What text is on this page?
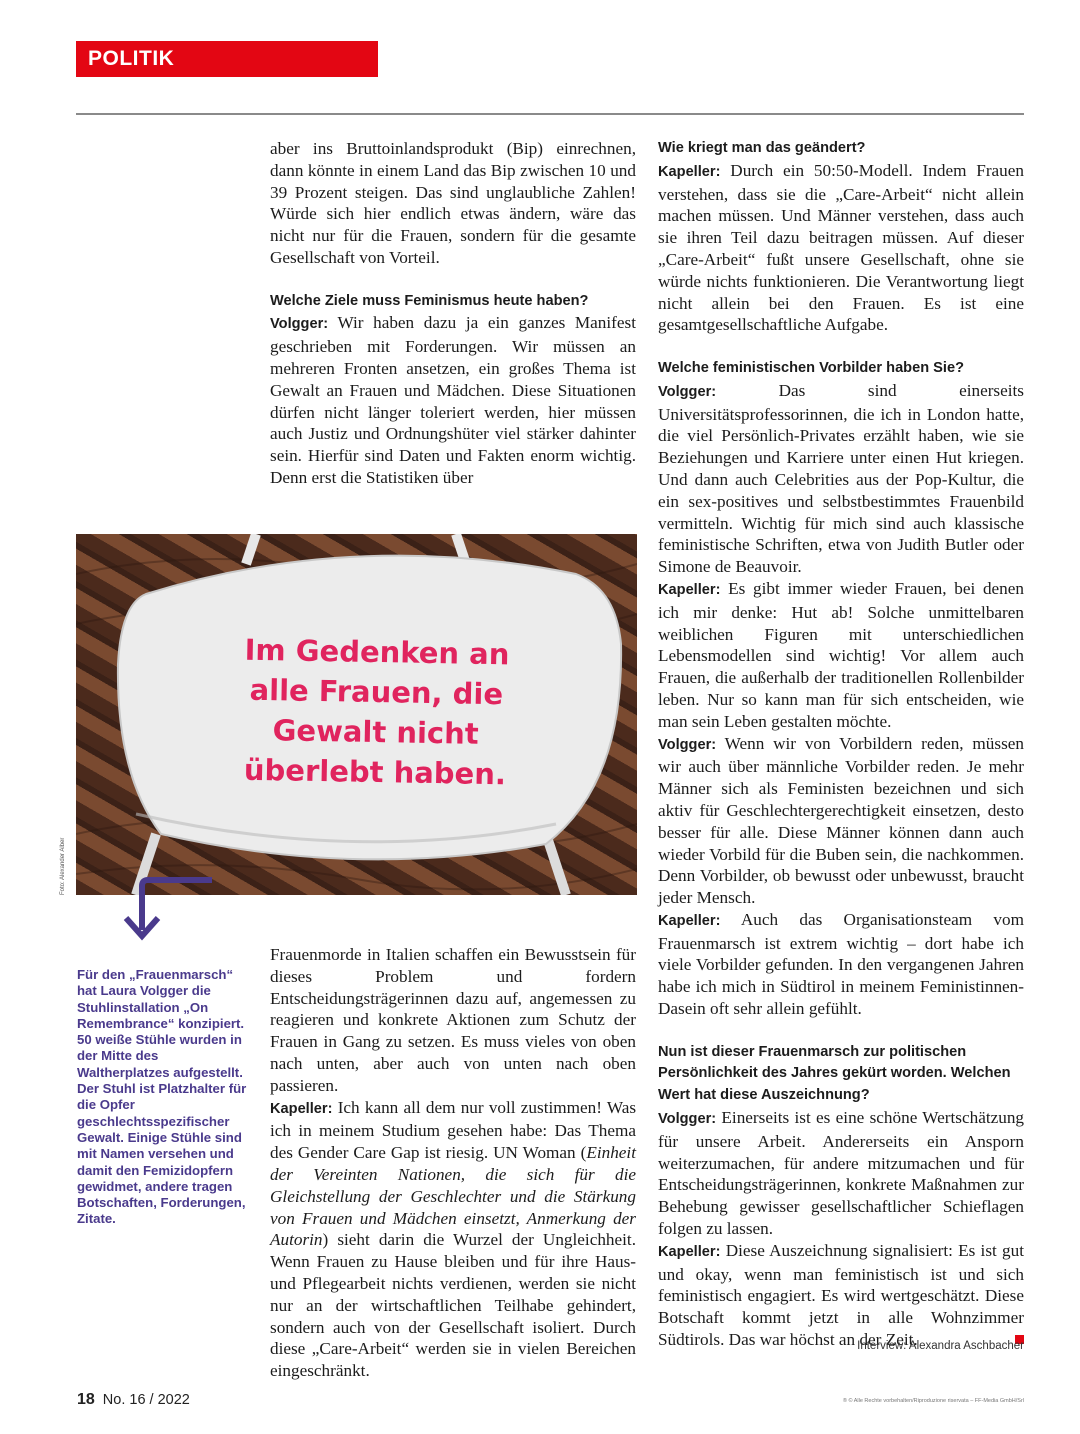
POLITIK

aber ins Bruttoinlandsprodukt (Bip) einrechnen, dann könnte in einem Land das Bip zwischen 10 und 39 Prozent steigen. Das sind unglaubliche Zahlen! Würde sich hier endlich etwas ändern, wäre das nicht nur für die Frauen, sondern für die gesamte Gesellschaft von Vorteil.

Welche Ziele muss Feminismus heute haben?

Volgger: Wir haben dazu ja ein ganzes Manifest geschrieben mit Forderungen. Wir müssen an mehreren Fronten ansetzen, ein großes Thema ist Gewalt an Frauen und Mädchen. Diese Situationen dürfen nicht länger toleriert werden, hier müssen auch Justiz und Ordnungshüter viel stärker dahinter sein. Hierfür sind Daten und Fakten enorm wichtig. Denn erst die Statistiken über

Im Gedenken an
alle Frauen, die
Gewalt nicht
überlebt haben.
Foto: Alexander Alber
Für den „Frauenmarsch“ hat Laura Volgger die Stuhlinstallation „On Remembrance“ konzipiert. 50 weiße Stühle wurden in der Mitte des Waltherplatzes aufgestellt. Der Stuhl ist Platzhalter für die Opfer geschlechtsspezifischer Gewalt. Einige Stühle sind mit Namen versehen und damit den Femizidopfern gewidmet, andere tragen Botschaften, Forderungen, Zitate.

Frauenmorde in Italien schaffen ein Bewusstsein für dieses Problem und fordern Entscheidungsträgerinnen dazu auf, angemessen zu reagieren und konkrete Aktionen zum Schutz der Frauen in Gang zu setzen. Es muss vieles von oben nach unten, aber auch von unten nach oben passieren.

Kapeller: Ich kann all dem nur voll zustimmen! Was ich in meinem Studium gesehen habe: Das Thema des Gender Care Gap ist riesig. UN Woman (Einheit der Vereinten Nationen, die sich für die Gleichstellung der Geschlechter und die Stärkung von Frauen und Mädchen einsetzt, Anmerkung der Autorin) sieht darin die Wurzel der Ungleichheit. Wenn Frauen zu Hause bleiben und für ihre Haus- und Pflegearbeit nichts verdienen, werden sie nicht nur an der wirtschaftlichen Teilhabe gehindert, sondern auch von der Gesellschaft isoliert. Durch diese „Care-Arbeit“ werden sie in vielen Bereichen eingeschränkt.

Wie kriegt man das geändert?

Kapeller: Durch ein 50:50-Modell. Indem Frauen verstehen, dass sie die „Care-Arbeit“ nicht allein machen müssen. Und Männer verstehen, dass auch sie ihren Teil dazu beitragen müssen. Auf dieser „Care-Arbeit“ fußt unsere Gesellschaft, ohne sie würde nichts funktionieren. Die Verantwortung liegt nicht allein bei den Frauen. Es ist eine gesamtgesellschaftliche Aufgabe.

Welche feministischen Vorbilder haben Sie?

Volgger:	Das sind einerseits Universitätsprofessorinnen, die ich in London hatte, die viel Persönlich-Privates erzählt haben, wie sie Beziehungen und Karriere unter einen Hut kriegen. Und dann auch Celebrities aus der Pop-Kultur, die ein sex-positives und selbstbestimmtes Frauenbild vermitteln. Wichtig für mich sind auch klassische feministische Schriften, etwa von Judith Butler oder Simone de Beauvoir.

Kapeller: Es gibt immer wieder Frauen, bei denen ich mir denke: Hut ab! Solche unmittelbaren weiblichen Figuren mit unterschiedlichen Lebensmodellen sind wichtig! Vor allem auch Frauen, die außerhalb der traditionellen Rollenbilder leben. Nur so kann man für sich entscheiden, wie man sein Leben gestalten möchte.

Volgger: Wenn wir von Vorbildern reden, müssen wir auch über männliche Vorbilder reden. Je mehr Männer sich als Feministen bezeichnen und sich aktiv für Geschlechtergerechtigkeit einsetzen, desto besser für alle. Diese Männer können dann auch wieder Vorbild für die Buben sein, die nachkommen. Denn Vorbilder, ob bewusst oder unbewusst, braucht jeder Mensch.

Kapeller: Auch das Organisationsteam vom Frauenmarsch ist extrem wichtig – dort habe ich viele Vorbilder gefunden. In den vergangenen Jahren habe ich mich in Südtirol in meinem Feministinnen-Dasein oft sehr allein gefühlt.

Nun ist dieser Frauenmarsch zur politischen Persönlichkeit des Jahres gekürt worden. Welchen Wert hat diese Auszeichnung?

Volgger: Einerseits ist es eine schöne Wertschätzung für unsere Arbeit. Andererseits ein Ansporn weiterzumachen, für andere mitzumachen und für Entscheidungsträgerinnen, konkrete Maßnahmen zur Behebung gewisser gesellschaftlicher Schieflagen folgen zu lassen.

Kapeller: Diese Auszeichnung signalisiert: Es ist gut und okay, wenn man feministisch ist und sich feministisch engagiert. Es wird wertgeschätzt. Diese Botschaft kommt jetzt in alle Wohnzimmer Südtirols. Das war höchst an der Zeit.

Interview: Alexandra Aschbacher
18 No. 16 / 2022	® © Alle Rechte vorbehalten/Riproduzione riservata – FF-Media GmbH/Srl
